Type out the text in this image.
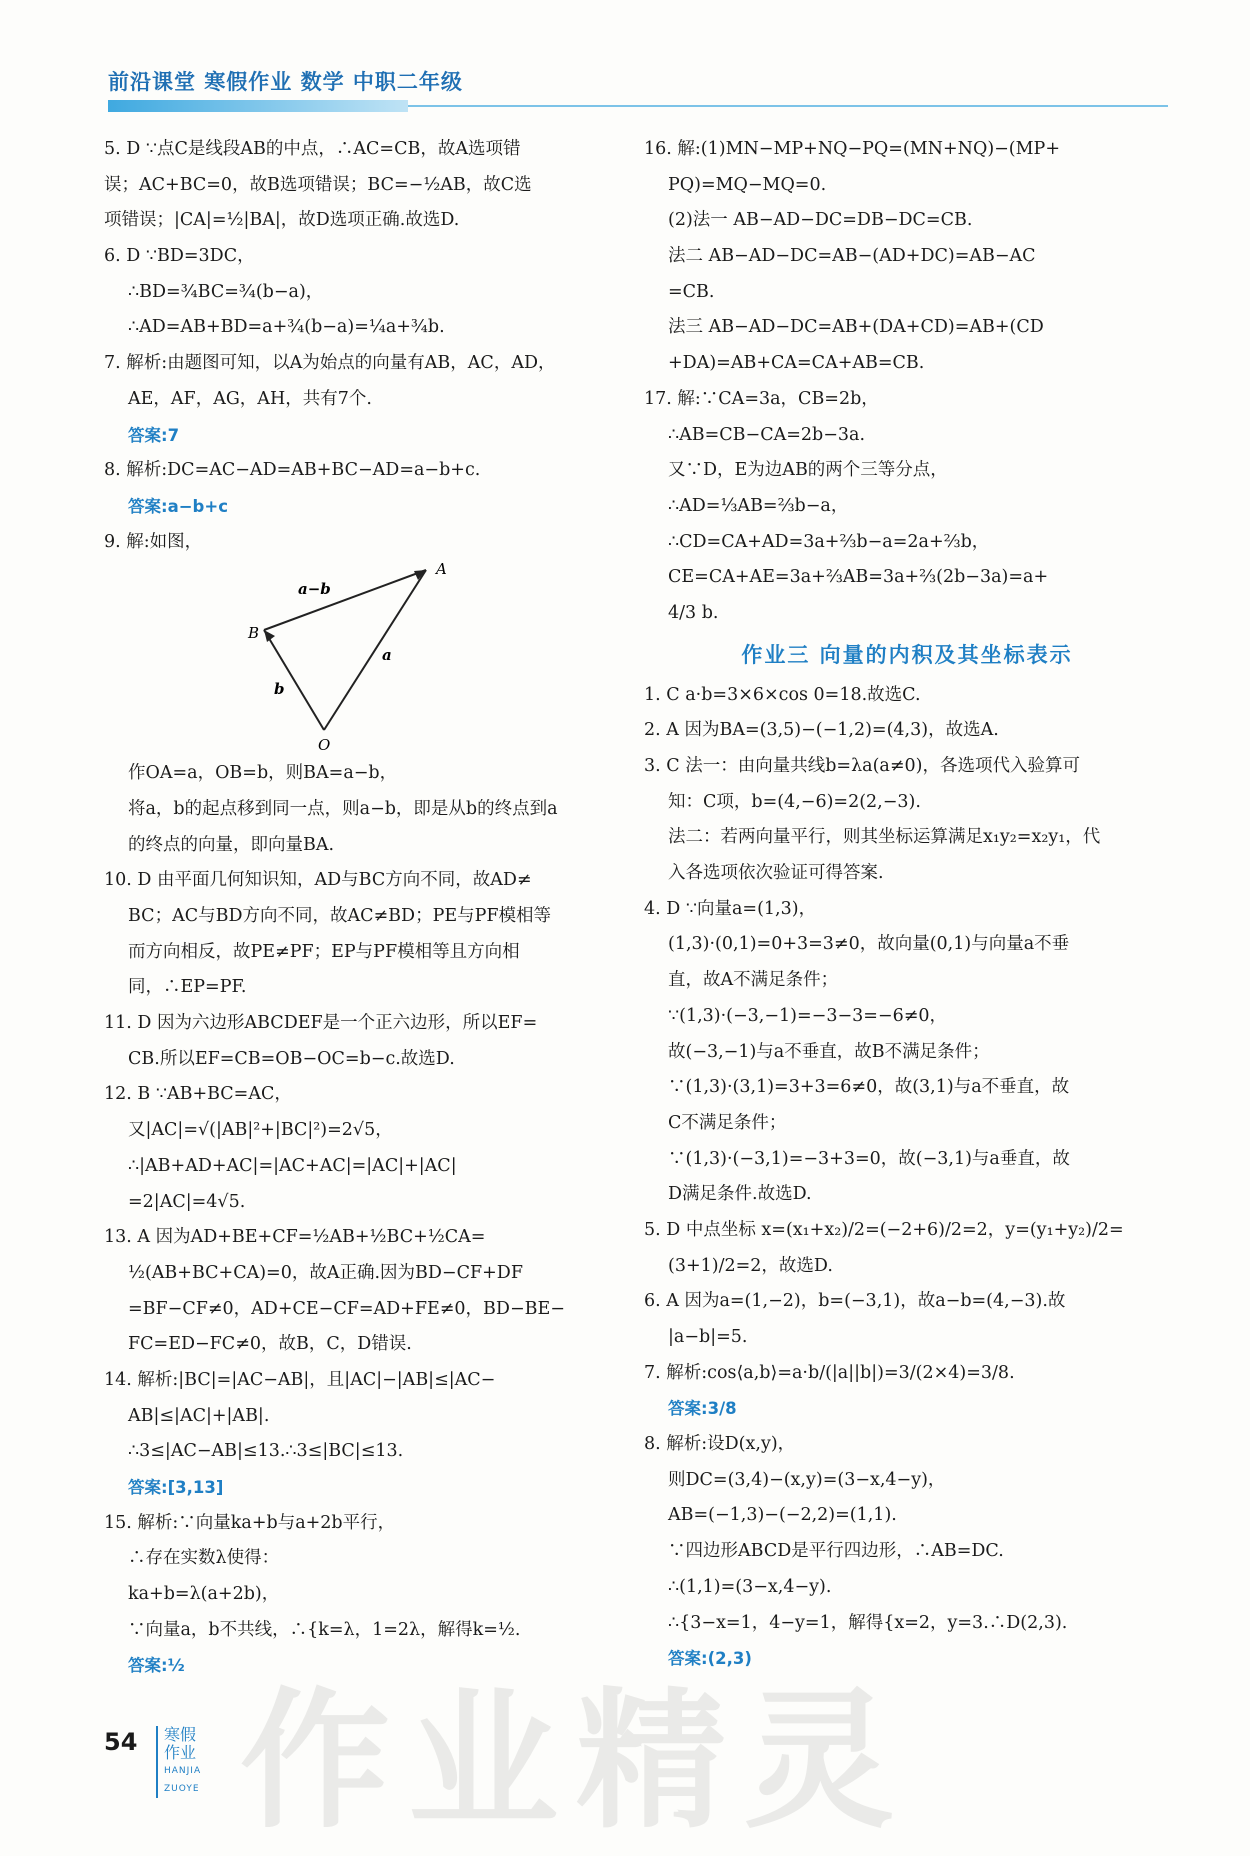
前沿课堂 寒假作业 数学 中职二年级
5. D ∵点C是线段AB的中点，∴AC=CB，故A选项错
误；AC+BC=0，故B选项错误；BC=−½AB，故C选
项错误；|CA|=½|BA|，故D选项正确.故选D.
6. D ∵BD=3DC，
∴BD=¾BC=¾(b−a)，
∴AD=AB+BD=a+¾(b−a)=¼a+¾b.
7. 解析:由题图可知，以A为始点的向量有AB，AC，AD，
AE，AF，AG，AH，共有7个.
答案:7
8. 解析:DC=AC−AD=AB+BC−AD=a−b+c.
答案:a−b+c
9. 解:如图，
A
B
O
a−b
a
b
作OA=a，OB=b，则BA=a−b，
将a，b的起点移到同一点，则a−b，即是从b的终点到a
的终点的向量，即向量BA.
10. D 由平面几何知识知，AD与BC方向不同，故AD≠
BC；AC与BD方向不同，故AC≠BD；PE与PF模相等
而方向相反，故PE≠PF；EP与PF模相等且方向相
同，∴EP=PF.
11. D 因为六边形ABCDEF是一个正六边形，所以EF=
CB.所以EF=CB=OB−OC=b−c.故选D.
12. B ∵AB+BC=AC，
又|AC|=√(|AB|²+|BC|²)=2√5，
∴|AB+AD+AC|=|AC+AC|=|AC|+|AC|
=2|AC|=4√5.
13. A 因为AD+BE+CF=½AB+½BC+½CA=
½(AB+BC+CA)=0，故A正确.因为BD−CF+DF
=BF−CF≠0，AD+CE−CF=AD+FE≠0，BD−BE−
FC=ED−FC≠0，故B，C，D错误.
14. 解析:|BC|=|AC−AB|，且|AC|−|AB|≤|AC−
AB|≤|AC|+|AB|.
∴3≤|AC−AB|≤13.∴3≤|BC|≤13.
答案:[3,13]
15. 解析:∵向量ka+b与a+2b平行，
∴存在实数λ使得：
ka+b=λ(a+2b)，
∵向量a，b不共线，∴{k=λ，1=2λ，解得k=½.
答案:½
16. 解:(1)MN−MP+NQ−PQ=(MN+NQ)−(MP+
PQ)=MQ−MQ=0.
(2)法一 AB−AD−DC=DB−DC=CB.
法二 AB−AD−DC=AB−(AD+DC)=AB−AC
=CB.
法三 AB−AD−DC=AB+(DA+CD)=AB+(CD
+DA)=AB+CA=CA+AB=CB.
17. 解:∵CA=3a，CB=2b，
∴AB=CB−CA=2b−3a.
又∵D，E为边AB的两个三等分点，
∴AD=⅓AB=⅔b−a，
∴CD=CA+AD=3a+⅔b−a=2a+⅔b，
CE=CA+AE=3a+⅔AB=3a+⅔(2b−3a)=a+
4/3 b.
作业三 向量的内积及其坐标表示
1. C a·b=3×6×cos 0=18.故选C.
2. A 因为BA=(3,5)−(−1,2)=(4,3)，故选A.
3. C 法一：由向量共线b=λa(a≠0)，各选项代入验算可
知：C项，b=(4,−6)=2(2,−3).
法二：若两向量平行，则其坐标运算满足x₁y₂=x₂y₁，代
入各选项依次验证可得答案.
4. D ∵向量a=(1,3)，
(1,3)·(0,1)=0+3=3≠0，故向量(0,1)与向量a不垂
直，故A不满足条件；
∵(1,3)·(−3,−1)=−3−3=−6≠0，
故(−3,−1)与a不垂直，故B不满足条件；
∵(1,3)·(3,1)=3+3=6≠0，故(3,1)与a不垂直，故
C不满足条件；
∵(1,3)·(−3,1)=−3+3=0，故(−3,1)与a垂直，故
D满足条件.故选D.
5. D 中点坐标 x=(x₁+x₂)/2=(−2+6)/2=2，y=(y₁+y₂)/2=
(3+1)/2=2，故选D.
6. A 因为a=(1,−2)，b=(−3,1)，故a−b=(4,−3).故
|a−b|=5.
7. 解析:cos⟨a,b⟩=a·b/(|a||b|)=3/(2×4)=3/8.
答案:3/8
8. 解析:设D(x,y)，
则DC=(3,4)−(x,y)=(3−x,4−y)，
AB=(−1,3)−(−2,2)=(1,1).
∵四边形ABCD是平行四边形，∴AB=DC.
∴(1,1)=(3−x,4−y).
∴{3−x=1，4−y=1，解得{x=2，y=3.∴D(2,3).
答案:(2,3)
作业精灵
54 寒假作业
HANJIA ZUOYE
